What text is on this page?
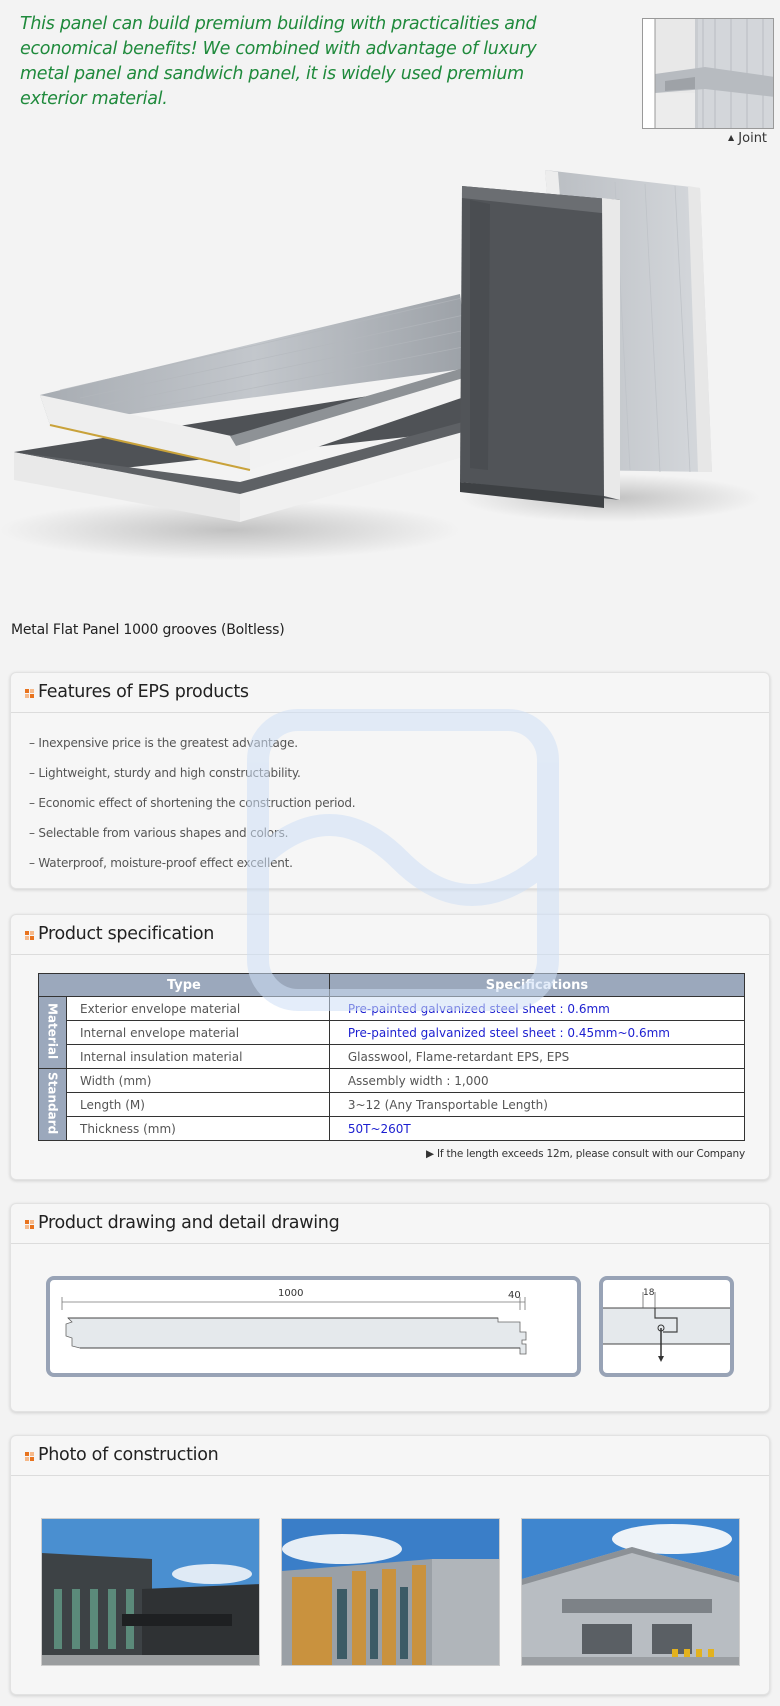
This panel can build premium building with practicalities and economical benefits! We combined with advantage of luxury metal panel and sandwich panel, it is widely used premium exterior material.
▲ Joint
Metal Flat Panel 1000 grooves (Boltless)
Features of EPS products
– Inexpensive price is the greatest advantage.
– Lightweight, sturdy and high constructability.
– Economic effect of shortening the construction period.
– Selectable from various shapes and colors.
– Waterproof, moisture-proof effect excellent.
Product specification
Type		Specifications
Material	Exterior envelope material	Pre-painted galvanized steel sheet : 0.6mm
	Internal envelope material	Pre-painted galvanized steel sheet : 0.45mm~0.6mm
	Internal insulation material	Glasswool, Flame-retardant EPS, EPS
Standard	Width (mm)	Assembly width : 1,000
	Length (M)	3~12 (Any Transportable Length)
	Thickness (mm)	50T~260T
▶ If the length exceeds 12m, please consult with our Company
Product drawing and detail drawing
1000	40	18
Photo of construction
